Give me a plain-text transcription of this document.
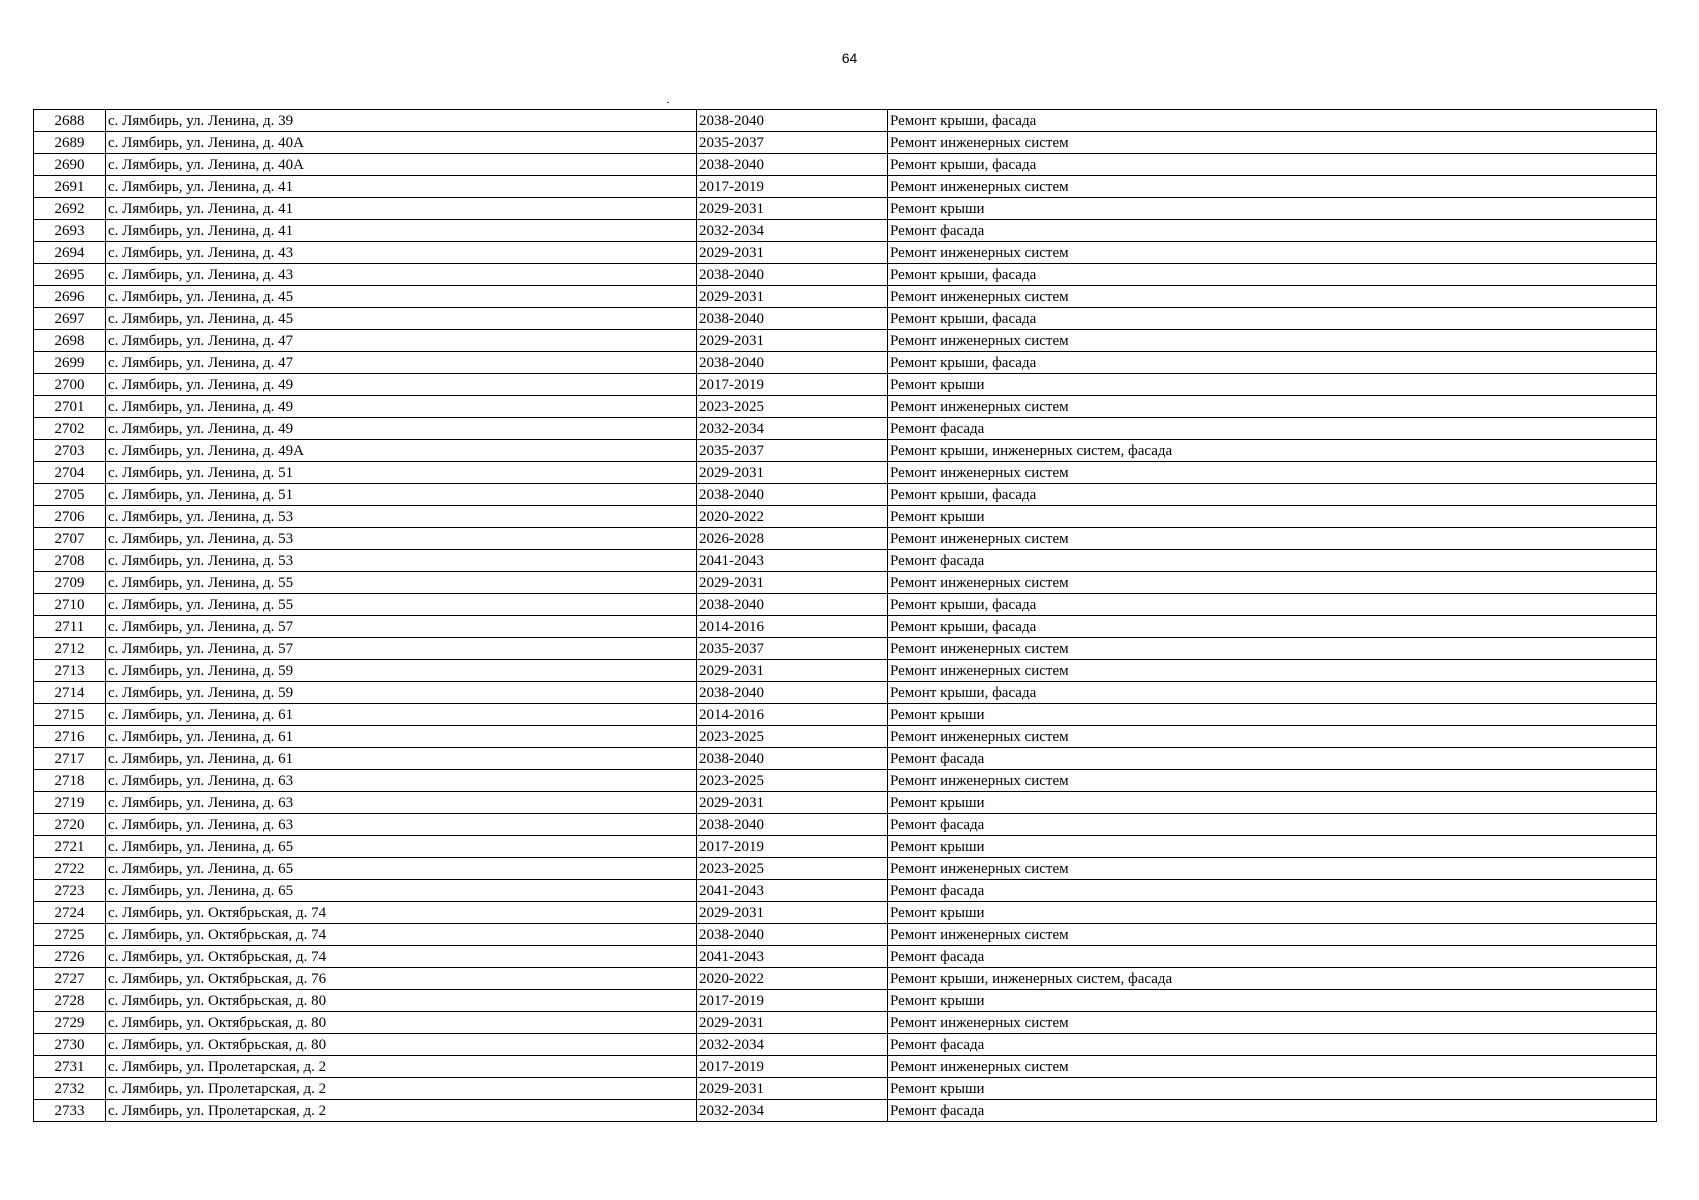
64
2688	с. Лямбирь, ул. Ленина, д. 39	2038-2040	Ремонт крыши, фасада
2689	с. Лямбирь, ул. Ленина, д. 40А	2035-2037	Ремонт инженерных систем
2690	с. Лямбирь, ул. Ленина, д. 40А	2038-2040	Ремонт крыши, фасада
2691	с. Лямбирь, ул. Ленина, д. 41	2017-2019	Ремонт инженерных систем
2692	с. Лямбирь, ул. Ленина, д. 41	2029-2031	Ремонт крыши
2693	с. Лямбирь, ул. Ленина, д. 41	2032-2034	Ремонт фасада
2694	с. Лямбирь, ул. Ленина, д. 43	2029-2031	Ремонт инженерных систем
2695	с. Лямбирь, ул. Ленина, д. 43	2038-2040	Ремонт крыши, фасада
2696	с. Лямбирь, ул. Ленина, д. 45	2029-2031	Ремонт инженерных систем
2697	с. Лямбирь, ул. Ленина, д. 45	2038-2040	Ремонт крыши, фасада
2698	с. Лямбирь, ул. Ленина, д. 47	2029-2031	Ремонт инженерных систем
2699	с. Лямбирь, ул. Ленина, д. 47	2038-2040	Ремонт крыши, фасада
2700	с. Лямбирь, ул. Ленина, д. 49	2017-2019	Ремонт крыши
2701	с. Лямбирь, ул. Ленина, д. 49	2023-2025	Ремонт инженерных систем
2702	с. Лямбирь, ул. Ленина, д. 49	2032-2034	Ремонт фасада
2703	с. Лямбирь, ул. Ленина, д. 49А	2035-2037	Ремонт крыши, инженерных систем, фасада
2704	с. Лямбирь, ул. Ленина, д. 51	2029-2031	Ремонт инженерных систем
2705	с. Лямбирь, ул. Ленина, д. 51	2038-2040	Ремонт крыши, фасада
2706	с. Лямбирь, ул. Ленина, д. 53	2020-2022	Ремонт крыши
2707	с. Лямбирь, ул. Ленина, д. 53	2026-2028	Ремонт инженерных систем
2708	с. Лямбирь, ул. Ленина, д. 53	2041-2043	Ремонт фасада
2709	с. Лямбирь, ул. Ленина, д. 55	2029-2031	Ремонт инженерных систем
2710	с. Лямбирь, ул. Ленина, д. 55	2038-2040	Ремонт крыши, фасада
2711	с. Лямбирь, ул. Ленина, д. 57	2014-2016	Ремонт крыши, фасада
2712	с. Лямбирь, ул. Ленина, д. 57	2035-2037	Ремонт инженерных систем
2713	с. Лямбирь, ул. Ленина, д. 59	2029-2031	Ремонт инженерных систем
2714	с. Лямбирь, ул. Ленина, д. 59	2038-2040	Ремонт крыши, фасада
2715	с. Лямбирь, ул. Ленина, д. 61	2014-2016	Ремонт крыши
2716	с. Лямбирь, ул. Ленина, д. 61	2023-2025	Ремонт инженерных систем
2717	с. Лямбирь, ул. Ленина, д. 61	2038-2040	Ремонт фасада
2718	с. Лямбирь, ул. Ленина, д. 63	2023-2025	Ремонт инженерных систем
2719	с. Лямбирь, ул. Ленина, д. 63	2029-2031	Ремонт крыши
2720	с. Лямбирь, ул. Ленина, д. 63	2038-2040	Ремонт фасада
2721	с. Лямбирь, ул. Ленина, д. 65	2017-2019	Ремонт крыши
2722	с. Лямбирь, ул. Ленина, д. 65	2023-2025	Ремонт инженерных систем
2723	с. Лямбирь, ул. Ленина, д. 65	2041-2043	Ремонт фасада
2724	с. Лямбирь, ул. Октябрьская, д. 74	2029-2031	Ремонт крыши
2725	с. Лямбирь, ул. Октябрьская, д. 74	2038-2040	Ремонт инженерных систем
2726	с. Лямбирь, ул. Октябрьская, д. 74	2041-2043	Ремонт фасада
2727	с. Лямбирь, ул. Октябрьская, д. 76	2020-2022	Ремонт крыши, инженерных систем, фасада
2728	с. Лямбирь, ул. Октябрьская, д. 80	2017-2019	Ремонт крыши
2729	с. Лямбирь, ул. Октябрьская, д. 80	2029-2031	Ремонт инженерных систем
2730	с. Лямбирь, ул. Октябрьская, д. 80	2032-2034	Ремонт фасада
2731	с. Лямбирь, ул. Пролетарская, д. 2	2017-2019	Ремонт инженерных систем
2732	с. Лямбирь, ул. Пролетарская, д. 2	2029-2031	Ремонт крыши
2733	с. Лямбирь, ул. Пролетарская, д. 2	2032-2034	Ремонт фасада
